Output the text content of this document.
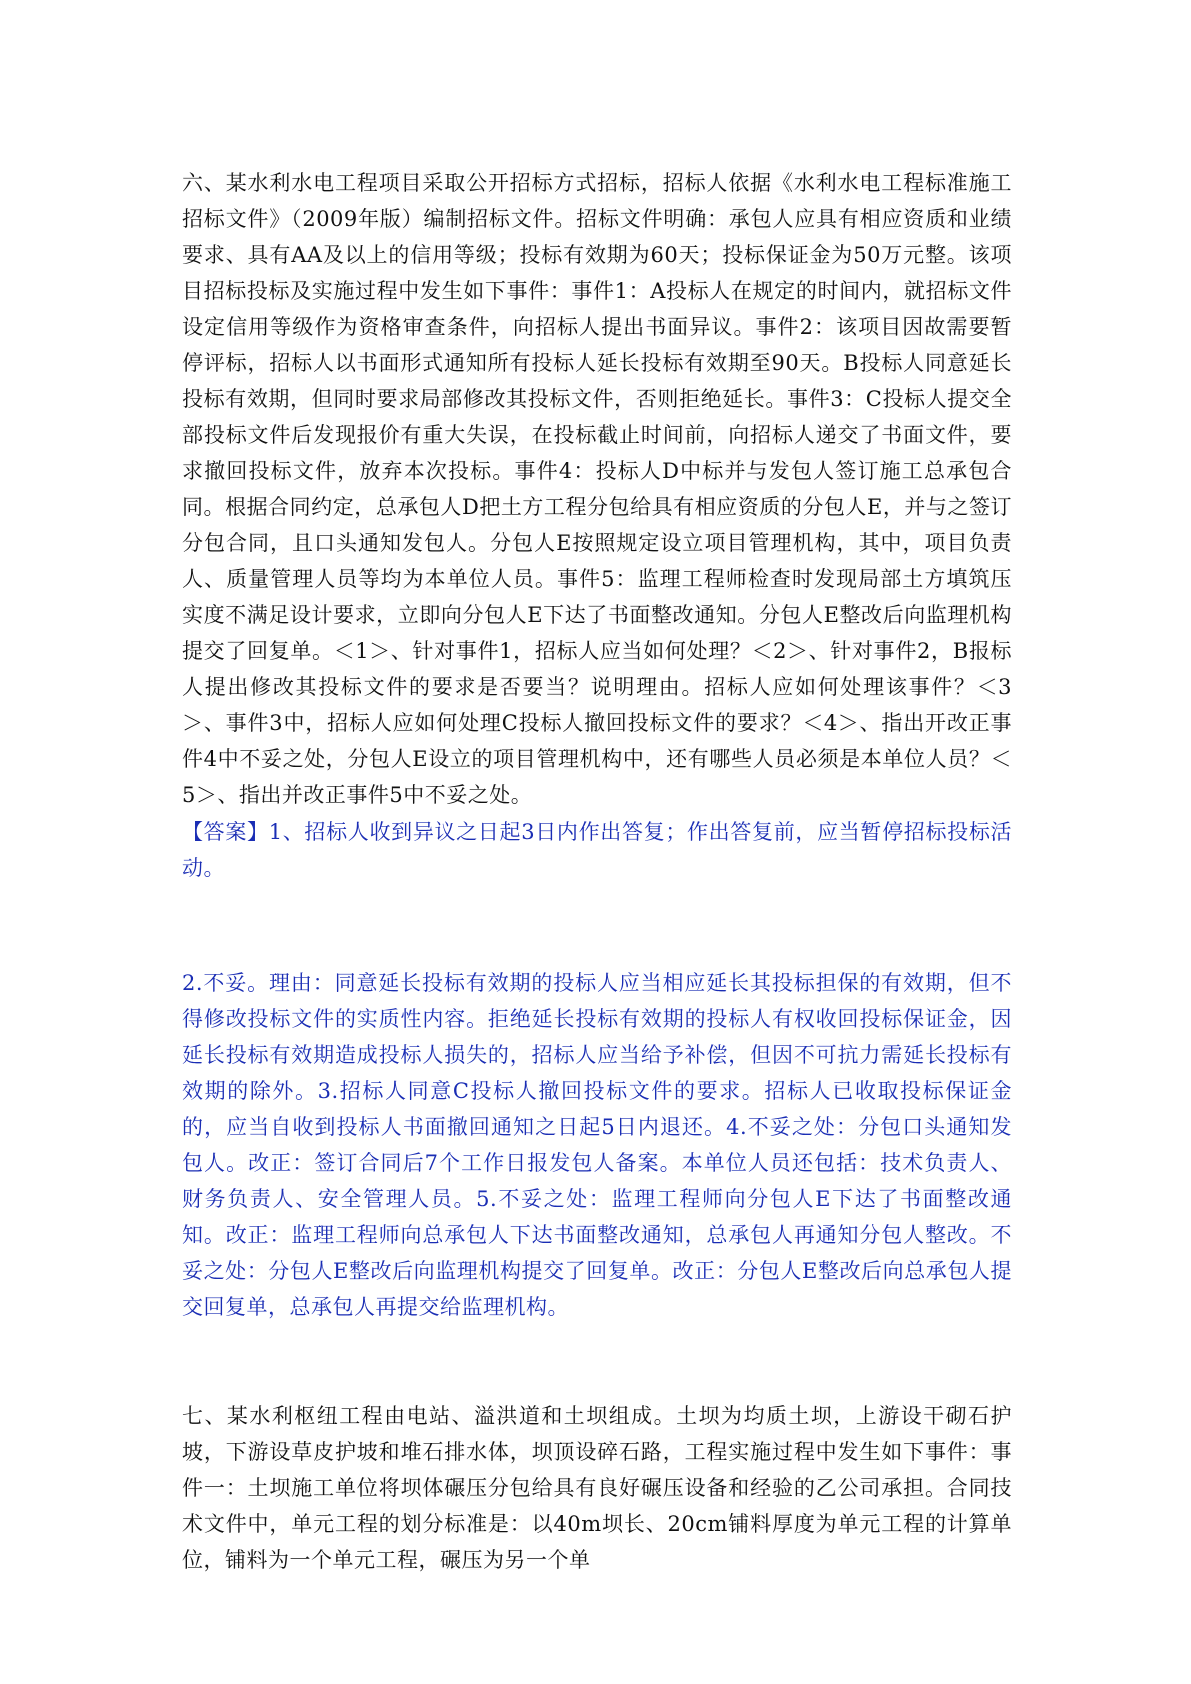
六、某水利水电工程项目采取公开招标方式招标，招标人依据《水利水电工程标准施工招标文件》（2009年版）编制招标文件。招标文件明确：承包人应具有相应资质和业绩要求、具有AA及以上的信用等级；投标有效期为60天；投标保证金为50万元整。该项目招标投标及实施过程中发生如下事件：事件1：A投标人在规定的时间内，就招标文件设定信用等级作为资格审查条件，向招标人提出书面异议。事件2：该项目因故需要暂停评标，招标人以书面形式通知所有投标人延长投标有效期至90天。B投标人同意延长投标有效期，但同时要求局部修改其投标文件，否则拒绝延长。事件3：C投标人提交全部投标文件后发现报价有重大失误，在投标截止时间前，向招标人递交了书面文件，要求撤回投标文件，放弃本次投标。事件4：投标人D中标并与发包人签订施工总承包合同。根据合同约定，总承包人D把土方工程分包给具有相应资质的分包人E，并与之签订分包合同，且口头通知发包人。分包人E按照规定设立项目管理机构，其中，项目负责人、质量管理人员等均为本单位人员。事件5：监理工程师检查时发现局部土方填筑压实度不满足设计要求，立即向分包人E下达了书面整改通知。分包人E整改后向监理机构提交了回复单。＜1＞、针对事件1，招标人应当如何处理？＜2＞、针对事件2，B报标人提出修改其投标文件的要求是否要当？说明理由。招标人应如何处理该事件？＜3＞、事件3中，招标人应如何处理C投标人撤回投标文件的要求？＜4＞、指出开改正事件4中不妥之处，分包人E设立的项目管理机构中，还有哪些人员必须是本单位人员？＜5＞、指出并改正事件5中不妥之处。

【答案】1、招标人收到异议之日起3日内作出答复；作出答复前，应当暂停招标投标活动。

2.不妥。理由：同意延长投标有效期的投标人应当相应延长其投标担保的有效期，但不得修改投标文件的实质性内容。拒绝延长投标有效期的投标人有权收回投标保证金，因延长投标有效期造成投标人损失的，招标人应当给予补偿，但因不可抗力需延长投标有效期的除外。3.招标人同意C投标人撤回投标文件的要求。招标人已收取投标保证金的，应当自收到投标人书面撤回通知之日起5日内退还。4.不妥之处：分包口头通知发包人。改正：签订合同后7个工作日报发包人备案。本单位人员还包括：技术负责人、财务负责人、安全管理人员。5.不妥之处：监理工程师向分包人E下达了书面整改通知。改正：监理工程师向总承包人下达书面整改通知，总承包人再通知分包人整改。不妥之处：分包人E整改后向监理机构提交了回复单。改正：分包人E整改后向总承包人提交回复单，总承包人再提交给监理机构。

七、某水利枢纽工程由电站、溢洪道和土坝组成。土坝为均质土坝，上游设干砌石护坡，下游设草皮护坡和堆石排水体，坝顶设碎石路，工程实施过程中发生如下事件：事件一：土坝施工单位将坝体碾压分包给具有良好碾压设备和经验的乙公司承担。合同技术文件中，单元工程的划分标准是：以40m坝长、20cm铺料厚度为单元工程的计算单位，铺料为一个单元工程，碾压为另一个单
